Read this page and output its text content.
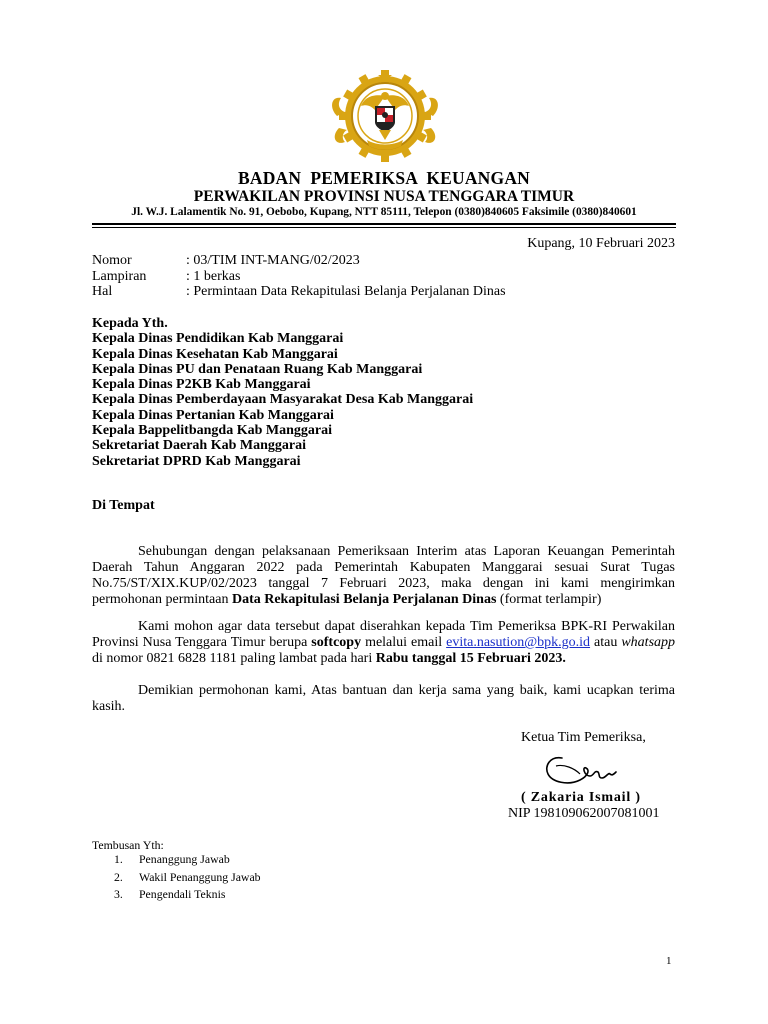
BADAN  PEMERIKSA  KEUANGAN
PERWAKILAN PROVINSI NUSA TENGGARA TIMUR
Jl. W.J. Lalamentik No. 91, Oebobo, Kupang, NTT 85111, Telepon (0380)840605 Faksimile (0380)840601
Kupang, 10 Februari 2023
Nomor	: 03/TIM INT-MANG/02/2023
Lampiran	: 1 berkas
Hal	: Permintaan Data Rekapitulasi Belanja Perjalanan Dinas
Kepada Yth.
Kepala Dinas Pendidikan Kab Manggarai
Kepala Dinas Kesehatan Kab Manggarai
Kepala Dinas PU dan Penataan Ruang Kab Manggarai
Kepala Dinas P2KB Kab Manggarai
Kepala Dinas Pemberdayaan Masyarakat Desa Kab Manggarai
Kepala Dinas Pertanian Kab Manggarai
Kepala Bappelitbangda Kab Manggarai
Sekretariat Daerah Kab Manggarai
Sekretariat DPRD Kab Manggarai
Di Tempat
Sehubungan dengan pelaksanaan Pemeriksaan Interim atas Laporan Keuangan Pemerintah Daerah Tahun Anggaran 2022 pada Pemerintah Kabupaten Manggarai sesuai Surat Tugas No.75/ST/XIX.KUP/02/2023 tanggal 7 Februari 2023, maka dengan ini kami mengirimkan permohonan permintaan Data Rekapitulasi Belanja Perjalanan Dinas (format terlampir)
Kami mohon agar data tersebut dapat diserahkan kepada Tim Pemeriksa BPK-RI Perwakilan Provinsi Nusa Tenggara Timur berupa softcopy melalui email evita.nasution@bpk.go.id atau whatsapp di nomor 0821 6828 1181 paling lambat pada hari Rabu tanggal 15 Februari 2023.
Demikian permohonan kami, Atas bantuan dan kerja sama yang baik, kami ucapkan terima kasih.
Ketua Tim Pemeriksa,
( Zakaria Ismail )
NIP 198109062007081001
Tembusan Yth:
1.	Penanggung Jawab
2.	Wakil Penanggung Jawab
3.	Pengendali Teknis
1
